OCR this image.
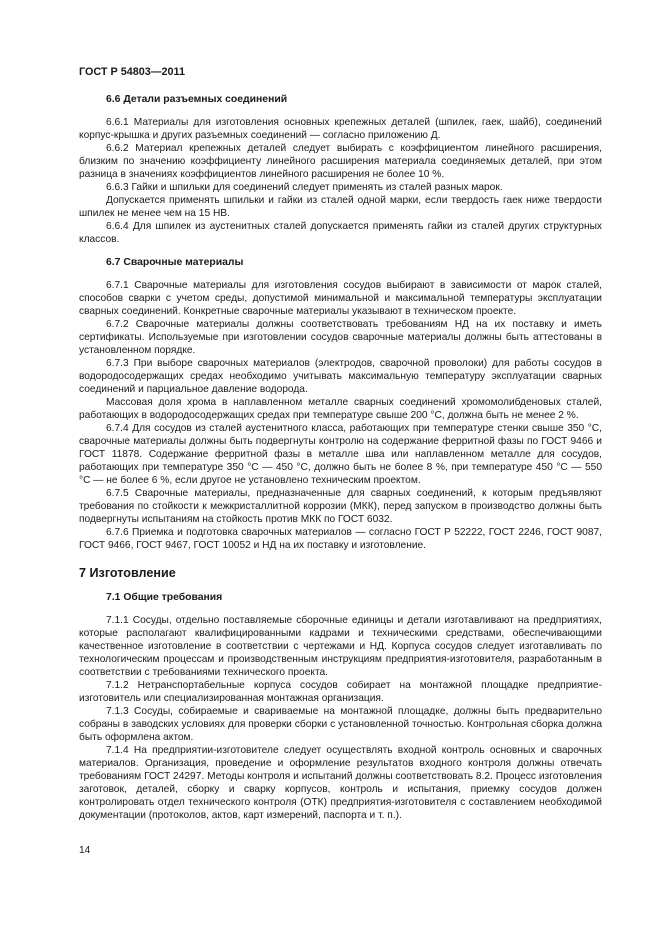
ГОСТ Р 54803—2011
6.6 Детали разъемных соединений

6.6.1 Материалы для изготовления основных крепежных деталей (шпилек, гаек, шайб), соединений корпус-крышка и других разъемных соединений — согласно приложению Д.

6.6.2 Материал крепежных деталей следует выбирать с коэффициентом линейного расширения, близким по значению коэффициенту линейного расширения материала соединяемых деталей, при этом разница в значениях коэффициентов линейного расширения не более 10 %.

6.6.3 Гайки и шпильки для соединений следует применять из сталей разных марок.

Допускается применять шпильки и гайки из сталей одной марки, если твердость гаек ниже твердости шпилек не менее чем на 15 НВ.

6.6.4 Для шпилек из аустенитных сталей допускается применять гайки из сталей других структурных классов.

6.7 Сварочные материалы

6.7.1 Сварочные материалы для изготовления сосудов выбирают в зависимости от марок сталей, способов сварки с учетом среды, допустимой минимальной и максимальной температуры эксплуатации сварных соединений. Конкретные сварочные материалы указывают в техническом проекте.

6.7.2 Сварочные материалы должны соответствовать требованиям НД на их поставку и иметь сертификаты. Используемые при изготовлении сосудов сварочные материалы должны быть аттестованы в установленном порядке.

6.7.3 При выборе сварочных материалов (электродов, сварочной проволоки) для работы сосудов в водородосодержащих средах необходимо учитывать максимальную температуру эксплуатации сварных соединений и парциальное давление водорода.

Массовая доля хрома в наплавленном металле сварных соединений хромомолибденовых сталей, работающих в водородосодержащих средах при температуре свыше 200 °С, должна быть не менее 2 %.

6.7.4 Для сосудов из сталей аустенитного класса, работающих при температуре стенки свыше 350 °С, сварочные материалы должны быть подвергнуты контролю на содержание ферритной фазы по ГОСТ 9466 и ГОСТ 11878. Содержание ферритной фазы в металле шва или наплавленном металле для сосудов, работающих при температуре 350 °С — 450 °С, должно быть не более 8 %, при температуре 450 °С — 550 °С — не более 6 %, если другое не установлено техническим проектом.

6.7.5 Сварочные материалы, предназначенные для сварных соединений, к которым предъявляют требования по стойкости к межкристаллитной коррозии (МКК), перед запуском в производство должны быть подвергнуты испытаниям на стойкость против МКК по ГОСТ 6032.

6.7.6 Приемка и подготовка сварочных материалов — согласно ГОСТ Р 52222, ГОСТ 2246, ГОСТ 9087, ГОСТ 9466, ГОСТ 9467, ГОСТ 10052 и НД на их поставку и изготовление.

7 Изготовление
7.1 Общие требования

7.1.1 Сосуды, отдельно поставляемые сборочные единицы и детали изготавливают на предприятиях, которые располагают квалифицированными кадрами и техническими средствами, обеспечивающими качественное изготовление в соответствии с чертежами и НД. Корпуса сосудов следует изготавливать по технологическим процессам и производственным инструкциям предприятия-изготовителя, разработанным в соответствии с требованиями технического проекта.

7.1.2 Нетранспортабельные корпуса сосудов собирает на монтажной площадке предприятие-изготовитель или специализированная монтажная организация.

7.1.3 Сосуды, собираемые и свариваемые на монтажной площадке, должны быть предварительно собраны в заводских условиях для проверки сборки с установленной точностью. Контрольная сборка должна быть оформлена актом.

7.1.4 На предприятии-изготовителе следует осуществлять входной контроль основных и сварочных материалов. Организация, проведение и оформление результатов входного контроля должны отвечать требованиям ГОСТ 24297. Методы контроля и испытаний должны соответствовать 8.2. Процесс изготовления заготовок, деталей, сборку и сварку корпусов, контроль и испытания, приемку сосудов должен контролировать отдел технического контроля (ОТК) предприятия-изготовителя с составлением необходимой документации (протоколов, актов, карт измерений, паспорта и т. п.).

14
